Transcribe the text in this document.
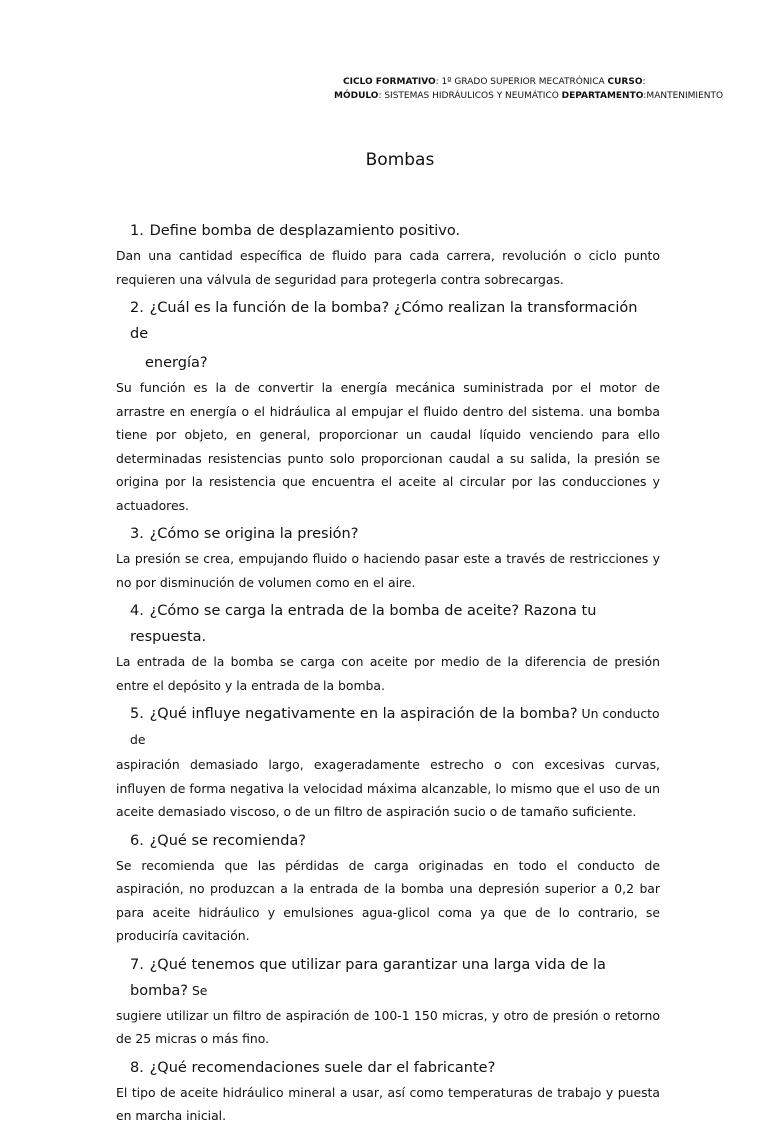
CICLO FORMATIVO: 1º GRADO SUPERIOR MECATRÓNICA CURSO:
MÓDULO: SISTEMAS HIDRÁULICOS Y NEUMÁTICO DEPARTAMENTO:MANTENIMIENTO
Bombas
1. Define bomba de desplazamiento positivo.
Dan una cantidad específica de fluido para cada carrera, revolución o ciclo punto requieren una válvula de seguridad para protegerla contra sobrecargas.
2. ¿Cuál es la función de la bomba? ¿Cómo realizan la transformación de
energía?
Su función es la de convertir la energía mecánica suministrada por el motor de arrastre en energía o el hidráulica al empujar el fluido dentro del sistema. una bomba tiene por objeto, en general, proporcionar un caudal líquido venciendo para ello determinadas resistencias punto solo proporcionan caudal a su salida, la presión se origina por la resistencia que encuentra el aceite al circular por las conducciones y actuadores.
3. ¿Cómo se origina la presión?
La presión se crea, empujando fluido o haciendo pasar este a través de restricciones y no por disminución de volumen como en el aire.
4. ¿Cómo se carga la entrada de la bomba de aceite? Razona tu respuesta.
La entrada de la bomba se carga con aceite por medio de la diferencia de presión entre el depósito y la entrada de la bomba.
5. ¿Qué influye negativamente en la aspiración de la bomba? Un conducto de
aspiración demasiado largo, exageradamente estrecho o con excesivas curvas, influyen de forma negativa la velocidad máxima alcanzable, lo mismo que el uso de un aceite demasiado viscoso, o de un filtro de aspiración sucio o de tamaño suficiente.
6. ¿Qué se recomienda?
Se recomienda que las pérdidas de carga originadas en todo el conducto de aspiración, no produzcan a la entrada de la bomba una depresión superior a 0,2 bar para aceite hidráulico y emulsiones agua-glicol coma ya que de lo contrario, se produciría cavitación.
7. ¿Qué tenemos que utilizar para garantizar una larga vida de la bomba? Se
sugiere utilizar un filtro de aspiración de 100-1 150 micras, y otro de presión o retorno de 25 micras o más fino.
8. ¿Qué recomendaciones suele dar el fabricante?
El tipo de aceite hidráulico mineral a usar, así como temperaturas de trabajo y puesta en marcha inicial.
